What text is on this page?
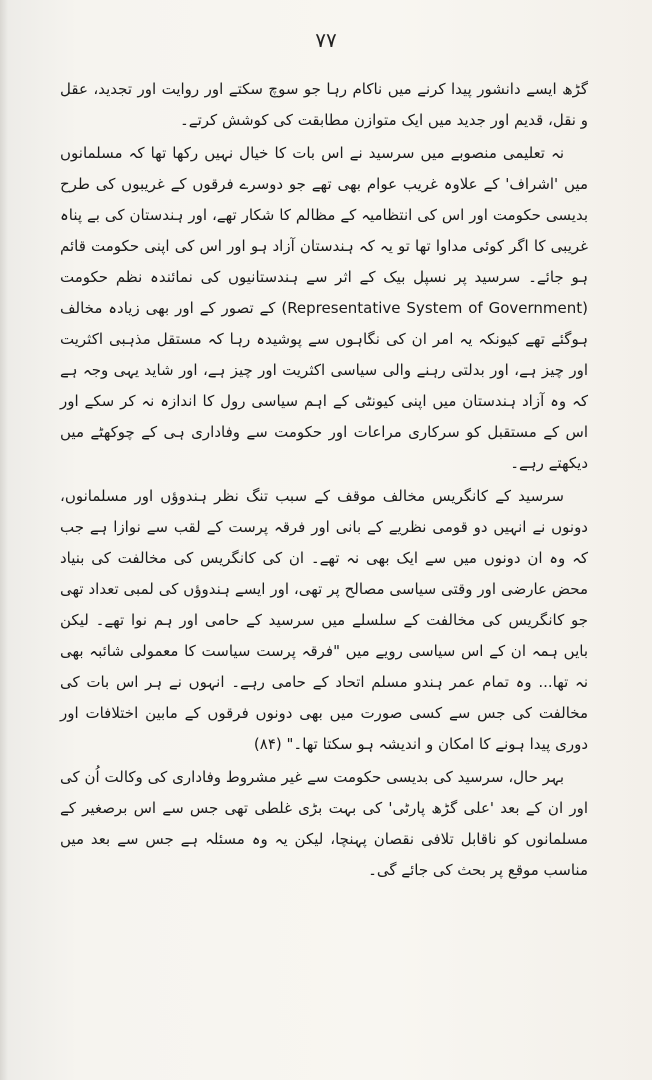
۷۷

گڑھ ایسے دانشور پیدا کرنے میں ناکام رہا جو سوچ سکتے اور روایت اور تجدید، عقل و نقل، قدیم اور جدید میں ایک متوازن مطابقت کی کوشش کرتے۔

نہ تعلیمی منصوبے میں سرسید نے اس بات کا خیال نہیں رکھا تھا کہ مسلمانوں میں 'اشراف' کے علاوہ غریب عوام بھی تھے جو دوسرے فرقوں کے غریبوں کی طرح بدیسی حکومت اور اس کی انتظامیہ کے مظالم کا شکار تھے، اور ہندستان کی بے پناہ غریبی کا اگر کوئی مداوا تھا تو یہ کہ ہندستان آزاد ہو اور اس کی اپنی حکومت قائم ہو جائے۔ سرسید پر نسپل بیک کے اثر سے ہندستانیوں کی نمائندہ نظم حکومت (Representative System of Government) کے تصور کے اور بھی زیادہ مخالف ہوگئے تھے کیونکہ یہ امر ان کی نگاہوں سے پوشیدہ رہا کہ مستقل مذہبی اکثریت اور چیز ہے، اور بدلتی رہنے والی سیاسی اکثریت اور چیز ہے، اور شاید یہی وجہ ہے کہ وہ آزاد ہندستان میں اپنی کیونٹی کے اہم سیاسی رول کا اندازہ نہ کر سکے اور اس کے مستقبل کو سرکاری مراعات اور حکومت سے وفاداری ہی کے چوکھٹے میں دیکھتے رہے۔

سرسید کے کانگریس مخالف موقف کے سبب تنگ نظر ہندوؤں اور مسلمانوں، دونوں نے انہیں دو قومی نظریے کے بانی اور فرقہ پرست کے لقب سے نوازا ہے جب کہ وہ ان دونوں میں سے ایک بھی نہ تھے۔ ان کی کانگریس کی مخالفت کی بنیاد محض عارضی اور وقتی سیاسی مصالح پر تھی، اور ایسے ہندوؤں کی لمبی تعداد تھی جو کانگریس کی مخالفت کے سلسلے میں سرسید کے حامی اور ہم نوا تھے۔ لیکن بایں ہمہ ان کے اس سیاسی رویے میں "فرقہ پرست سیاست کا معمولی شائبہ بھی نہ تھا... وہ تمام عمر ہندو مسلم اتحاد کے حامی رہے۔ انہوں نے ہر اس بات کی مخالفت کی جس سے کسی صورت میں بھی دونوں فرقوں کے مابین اختلافات اور دوری پیدا ہونے کا امکان و اندیشہ ہو سکتا تھا۔" (۸۴)

بہر حال، سرسید کی بدیسی حکومت سے غیر مشروط وفاداری کی وکالت اُن کی اور ان کے بعد 'علی گڑھ پارٹی' کی بہت بڑی غلطی تھی جس سے اس برصغیر کے مسلمانوں کو ناقابل تلافی نقصان پہنچا، لیکن یہ وہ مسئلہ ہے جس سے بعد میں مناسب موقع پر بحث کی جائے گی۔
